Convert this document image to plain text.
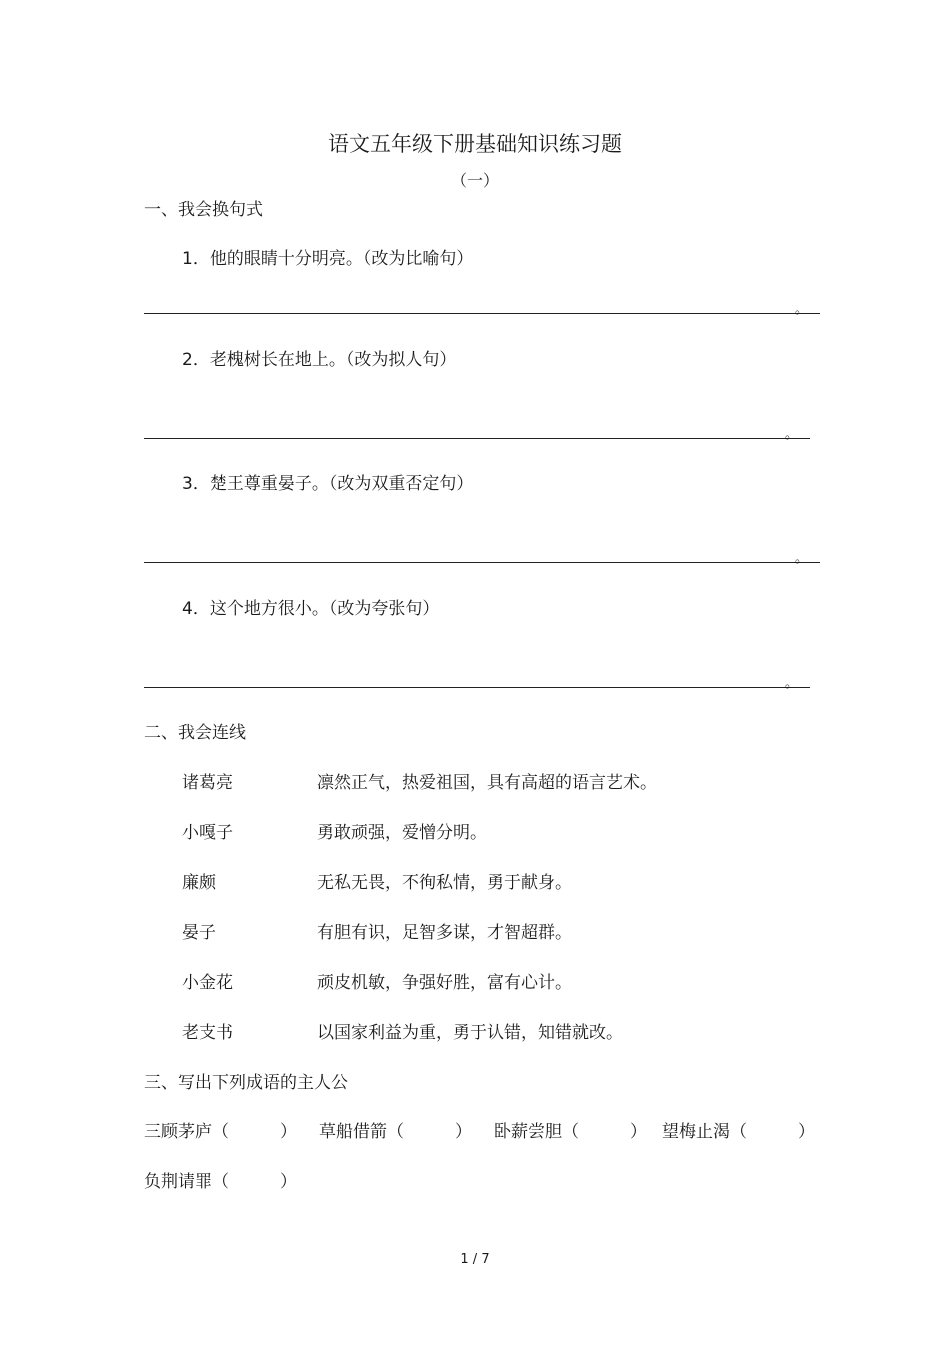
语文五年级下册基础知识练习题
（一）
一、我会换句式
1．他的眼睛十分明亮。（改为比喻句）
。
2．老槐树长在地上。（改为拟人句）
。
3．楚王尊重晏子。（改为双重否定句）
。
4．这个地方很小。（改为夸张句）
。
二、我会连线
诸葛亮	凛然正气，热爱祖国，具有高超的语言艺术。
小嘎子	勇敢顽强，爱憎分明。
廉颇	无私无畏，不徇私情，勇于献身。
晏子	有胆有识，足智多谋，才智超群。
小金花	顽皮机敏，争强好胜，富有心计。
老支书	以国家利益为重，勇于认错，知错就改。
三、写出下列成语的主人公
三顾茅庐（　　　） 草船借箭（　　　） 卧薪尝胆（　　　） 望梅止渴（　　　）
负荆请罪（　　　）
1 / 7
